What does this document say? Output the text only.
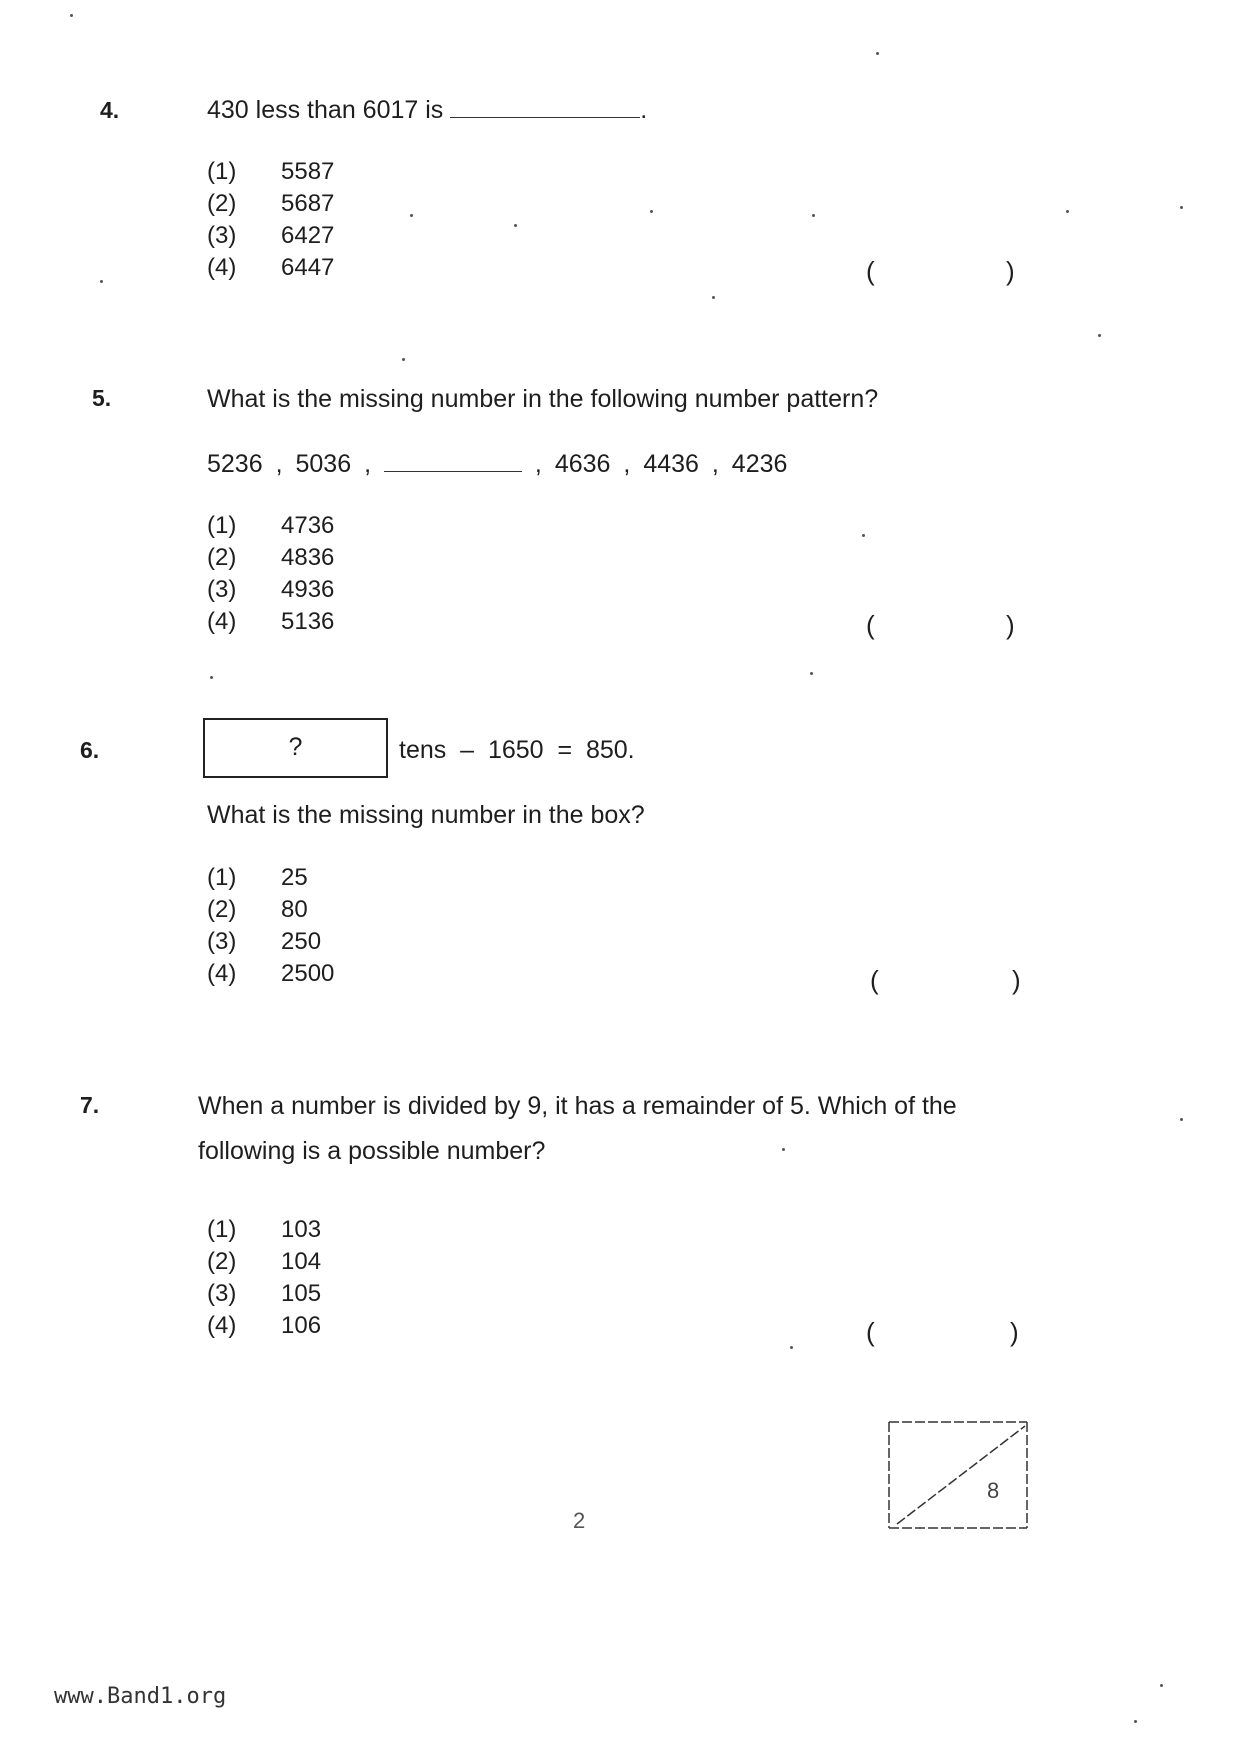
4.	430 less than 6017 is	.
(1) 5587
(2) 5687
(3) 6427
(4) 6447	(	)
5.	What is the missing number in the following number pattern?
5236 , 5036 ,	, 4636 , 4436 , 4236
(1) 4736
(2) 4836
(3) 4936
(4) 5136	(	)
6.	?	tens  –  1650  =  850.
What is the missing number in the box?
(1) 25
(2) 80
(3) 250
(4) 2500	(	)
7.	When a number is divided by 9, it has a remainder of 5. Which of the
following is a possible number?
(1) 103
(2) 104
(3) 105
(4) 106	(	)
2
8
www.Band1.org
